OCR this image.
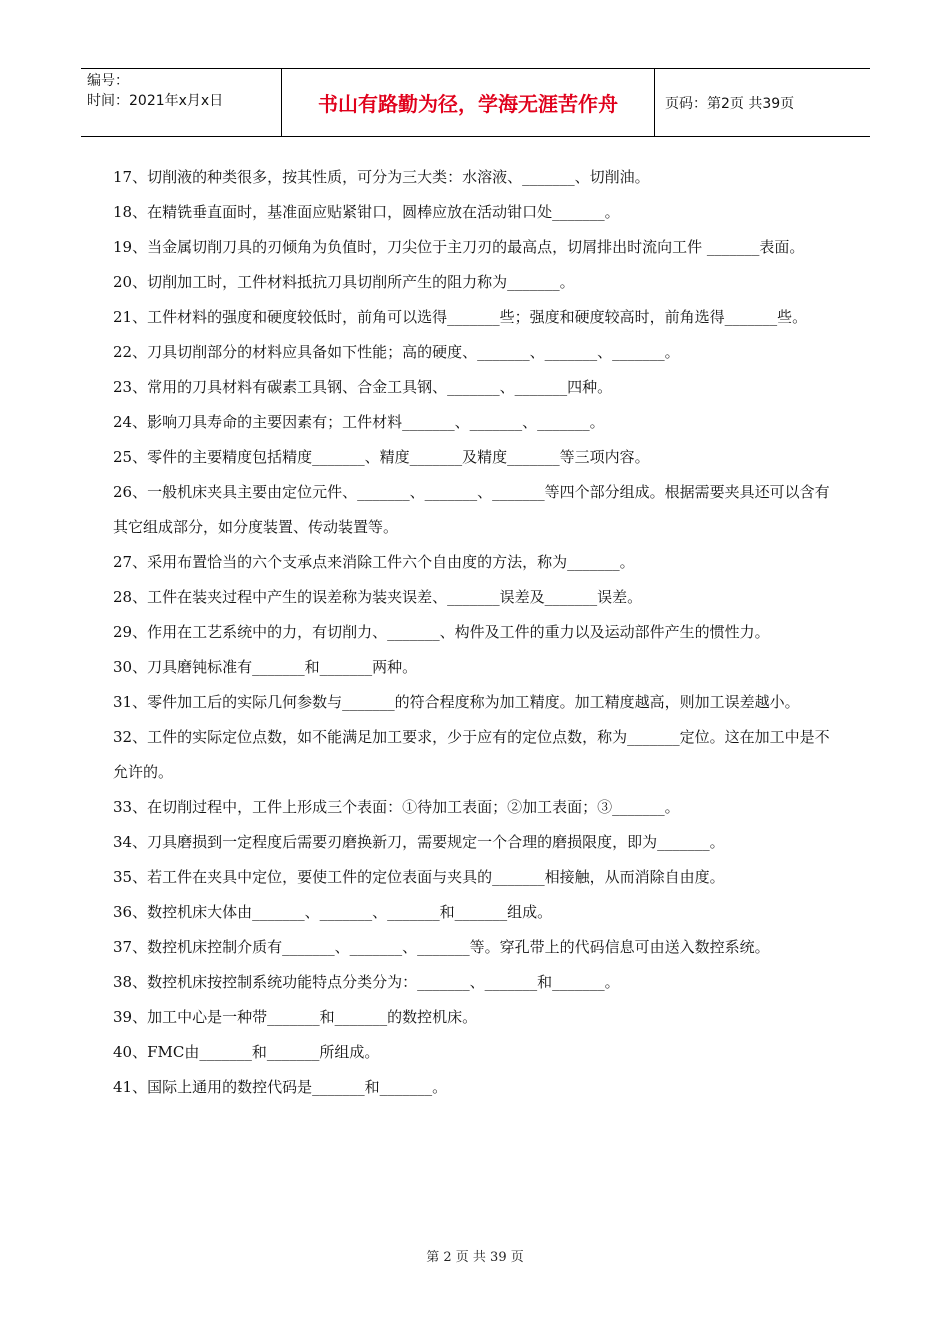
编号：
时间：2021年x月x日	书山有路勤为径，学海无涯苦作舟	页码：第2页 共39页

17、切削液的种类很多，按其性质，可分为三大类：水溶液、_______、切削油。

18、在精铣垂直面时，基准面应贴紧钳口，圆棒应放在活动钳口处_______。

19、当金属切削刀具的刃倾角为负值时，刀尖位于主刀刃的最高点，切屑排出时流向工件 _______表面。

20、切削加工时，工件材料抵抗刀具切削所产生的阻力称为_______。

21、工件材料的强度和硬度较低时，前角可以选得_______些；强度和硬度较高时，前角选得_______些。

22、刀具切削部分的材料应具备如下性能；高的硬度、_______、_______、_______。

23、常用的刀具材料有碳素工具钢、合金工具钢、_______、_______四种。

24、影响刀具寿命的主要因素有；工件材料_______、_______、_______。

25、零件的主要精度包括精度_______、精度_______及精度_______等三项内容。

26、一般机床夹具主要由定位元件、_______、_______、_______等四个部分组成。根据需要夹具还可以含有其它组成部分，如分度装置、传动装置等。

27、采用布置恰当的六个支承点来消除工件六个自由度的方法，称为_______。

28、工件在装夹过程中产生的误差称为装夹误差、_______误差及_______误差。

29、作用在工艺系统中的力，有切削力、_______、构件及工件的重力以及运动部件产生的惯性力。

30、刀具磨钝标准有_______和_______两种。

31、零件加工后的实际几何参数与_______的符合程度称为加工精度。加工精度越高，则加工误差越小。

32、工件的实际定位点数，如不能满足加工要求，少于应有的定位点数，称为_______定位。这在加工中是不允许的。

33、在切削过程中，工件上形成三个表面：①待加工表面；②加工表面；③_______。

34、刀具磨损到一定程度后需要刃磨换新刀，需要规定一个合理的磨损限度，即为_______。

35、若工件在夹具中定位，要使工件的定位表面与夹具的_______相接触，从而消除自由度。

36、数控机床大体由_______、_______、_______和_______组成。

37、数控机床控制介质有_______、_______、_______等。穿孔带上的代码信息可由送入数控系统。

38、数控机床按控制系统功能特点分类分为：_______、_______和_______。

39、加工中心是一种带_______和_______的数控机床。

40、FMC由_______和_______所组成。

41、国际上通用的数控代码是_______和_______。

第 2 页 共 39 页
